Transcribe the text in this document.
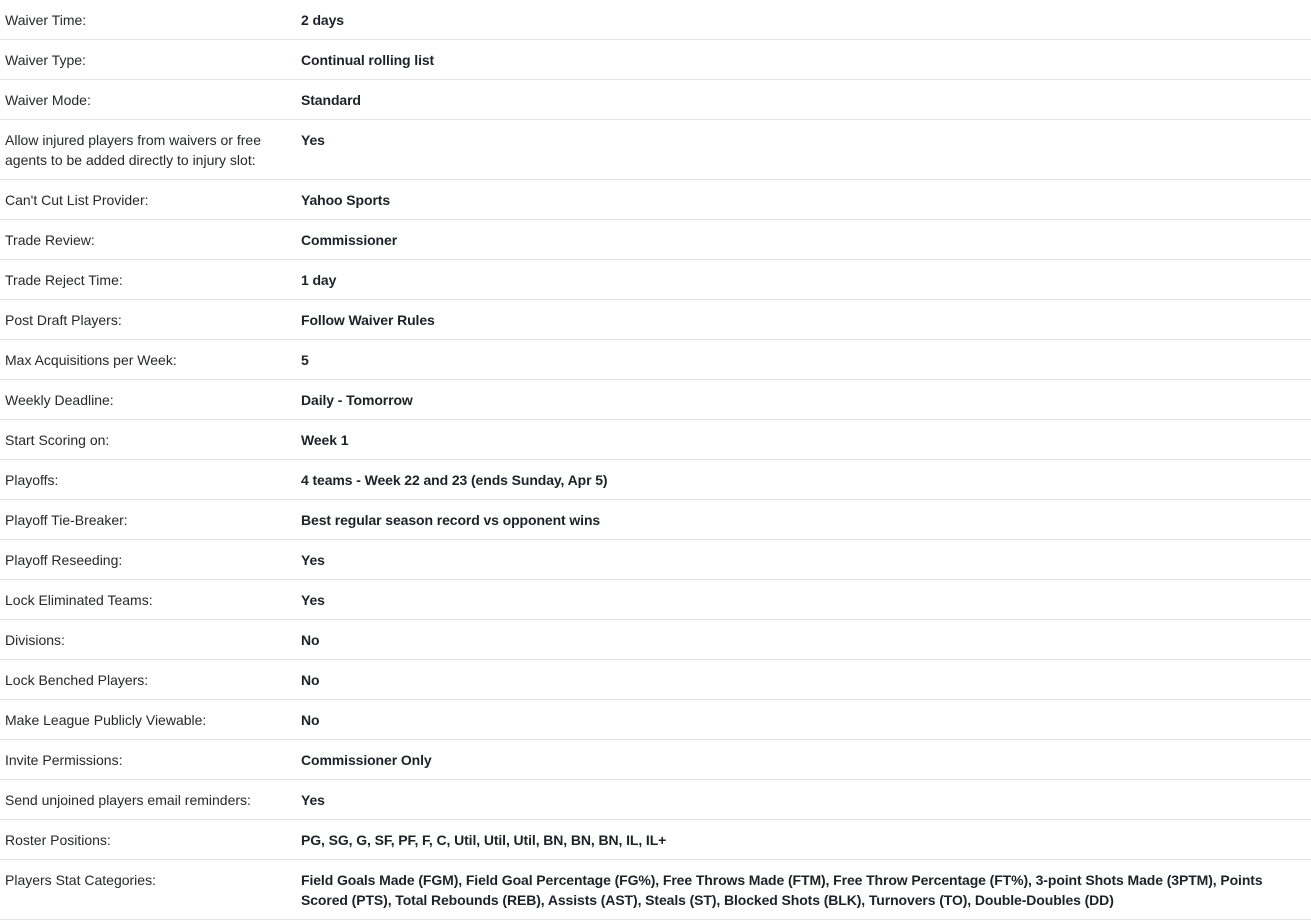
Waiver Time:	2 days
Waiver Type:	Continual rolling list
Waiver Mode:	Standard
Allow injured players from waivers or free agents to be added directly to injury slot:	Yes
Can't Cut List Provider:	Yahoo Sports
Trade Review:	Commissioner
Trade Reject Time:	1 day
Post Draft Players:	Follow Waiver Rules
Max Acquisitions per Week:	5
Weekly Deadline:	Daily - Tomorrow
Start Scoring on:	Week 1
Playoffs:	4 teams - Week 22 and 23 (ends Sunday, Apr 5)
Playoff Tie-Breaker:	Best regular season record vs opponent wins
Playoff Reseeding:	Yes
Lock Eliminated Teams:	Yes
Divisions:	No
Lock Benched Players:	No
Make League Publicly Viewable:	No
Invite Permissions:	Commissioner Only
Send unjoined players email reminders:	Yes
Roster Positions:	PG, SG, G, SF, PF, F, C, Util, Util, Util, BN, BN, BN, IL, IL+
Players Stat Categories:	Field Goals Made (FGM), Field Goal Percentage (FG%), Free Throws Made (FTM), Free Throw Percentage (FT%), 3-point Shots Made (3PTM), Points Scored (PTS), Total Rebounds (REB), Assists (AST), Steals (ST), Blocked Shots (BLK), Turnovers (TO), Double-Doubles (DD)
